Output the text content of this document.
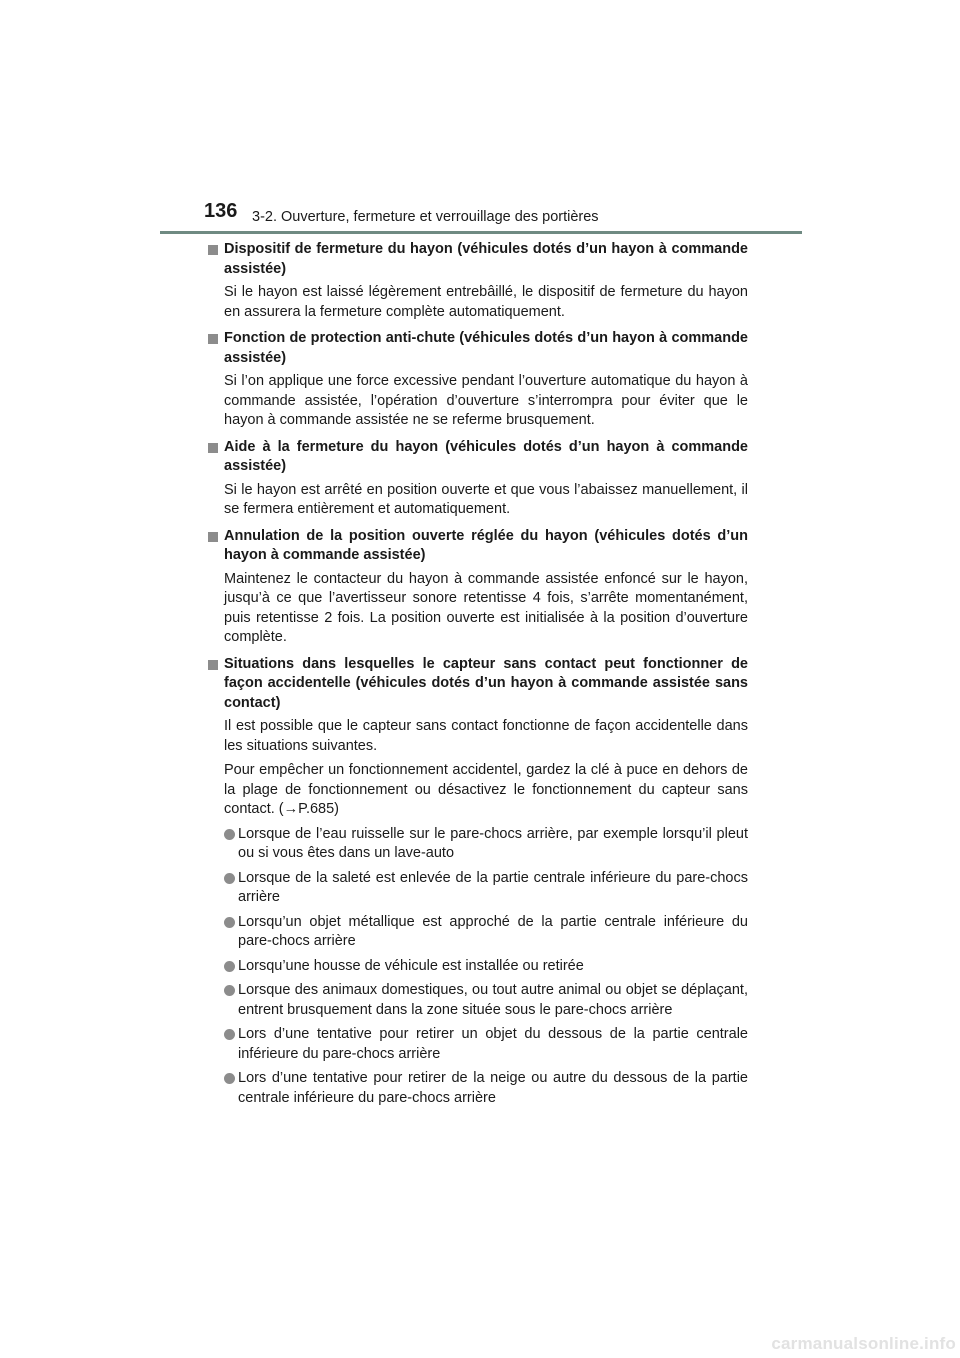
136 3-2. Ouverture, fermeture et verrouillage des portières
Dispositif de fermeture du hayon (véhicules dotés d’un hayon à commande assistée)

Si le hayon est laissé légèrement entrebâillé, le dispositif de fermeture du hayon en assurera la fermeture complète automatiquement.

Fonction de protection anti-chute (véhicules dotés d’un hayon à commande assistée)

Si l’on applique une force excessive pendant l’ouverture automatique du hayon à commande assistée, l’opération d’ouverture s’interrompra pour éviter que le hayon à commande assistée ne se referme brusquement.

Aide à la fermeture du hayon (véhicules dotés d’un hayon à commande assistée)

Si le hayon est arrêté en position ouverte et que vous l’abaissez manuellement, il se fermera entièrement et automatiquement.

Annulation de la position ouverte réglée du hayon (véhicules dotés d’un hayon à commande assistée)

Maintenez le contacteur du hayon à commande assistée enfoncé sur le hayon, jusqu’à ce que l’avertisseur sonore retentisse 4 fois, s’arrête momentanément, puis retentisse 2 fois. La position ouverte est initialisée à la position d’ouverture complète.

Situations dans lesquelles le capteur sans contact peut fonctionner de façon accidentelle (véhicules dotés d’un hayon à commande assistée sans contact)

Il est possible que le capteur sans contact fonctionne de façon accidentelle dans les situations suivantes.

Pour empêcher un fonctionnement accidentel, gardez la clé à puce en dehors de la plage de fonctionnement ou désactivez le fonctionnement du capteur sans contact. (→P.685)

Lorsque de l’eau ruisselle sur le pare-chocs arrière, par exemple lorsqu’il pleut ou si vous êtes dans un lave-auto
Lorsque de la saleté est enlevée de la partie centrale inférieure du pare-chocs arrière
Lorsqu’un objet métallique est approché de la partie centrale inférieure du pare-chocs arrière
Lorsqu’une housse de véhicule est installée ou retirée
Lorsque des animaux domestiques, ou tout autre animal ou objet se déplaçant, entrent brusquement dans la zone située sous le pare-chocs arrière
Lors d’une tentative pour retirer un objet du dessous de la partie centrale inférieure du pare-chocs arrière
Lors d’une tentative pour retirer de la neige ou autre du dessous de la partie centrale inférieure du pare-chocs arrière
carmanualsonline.info
